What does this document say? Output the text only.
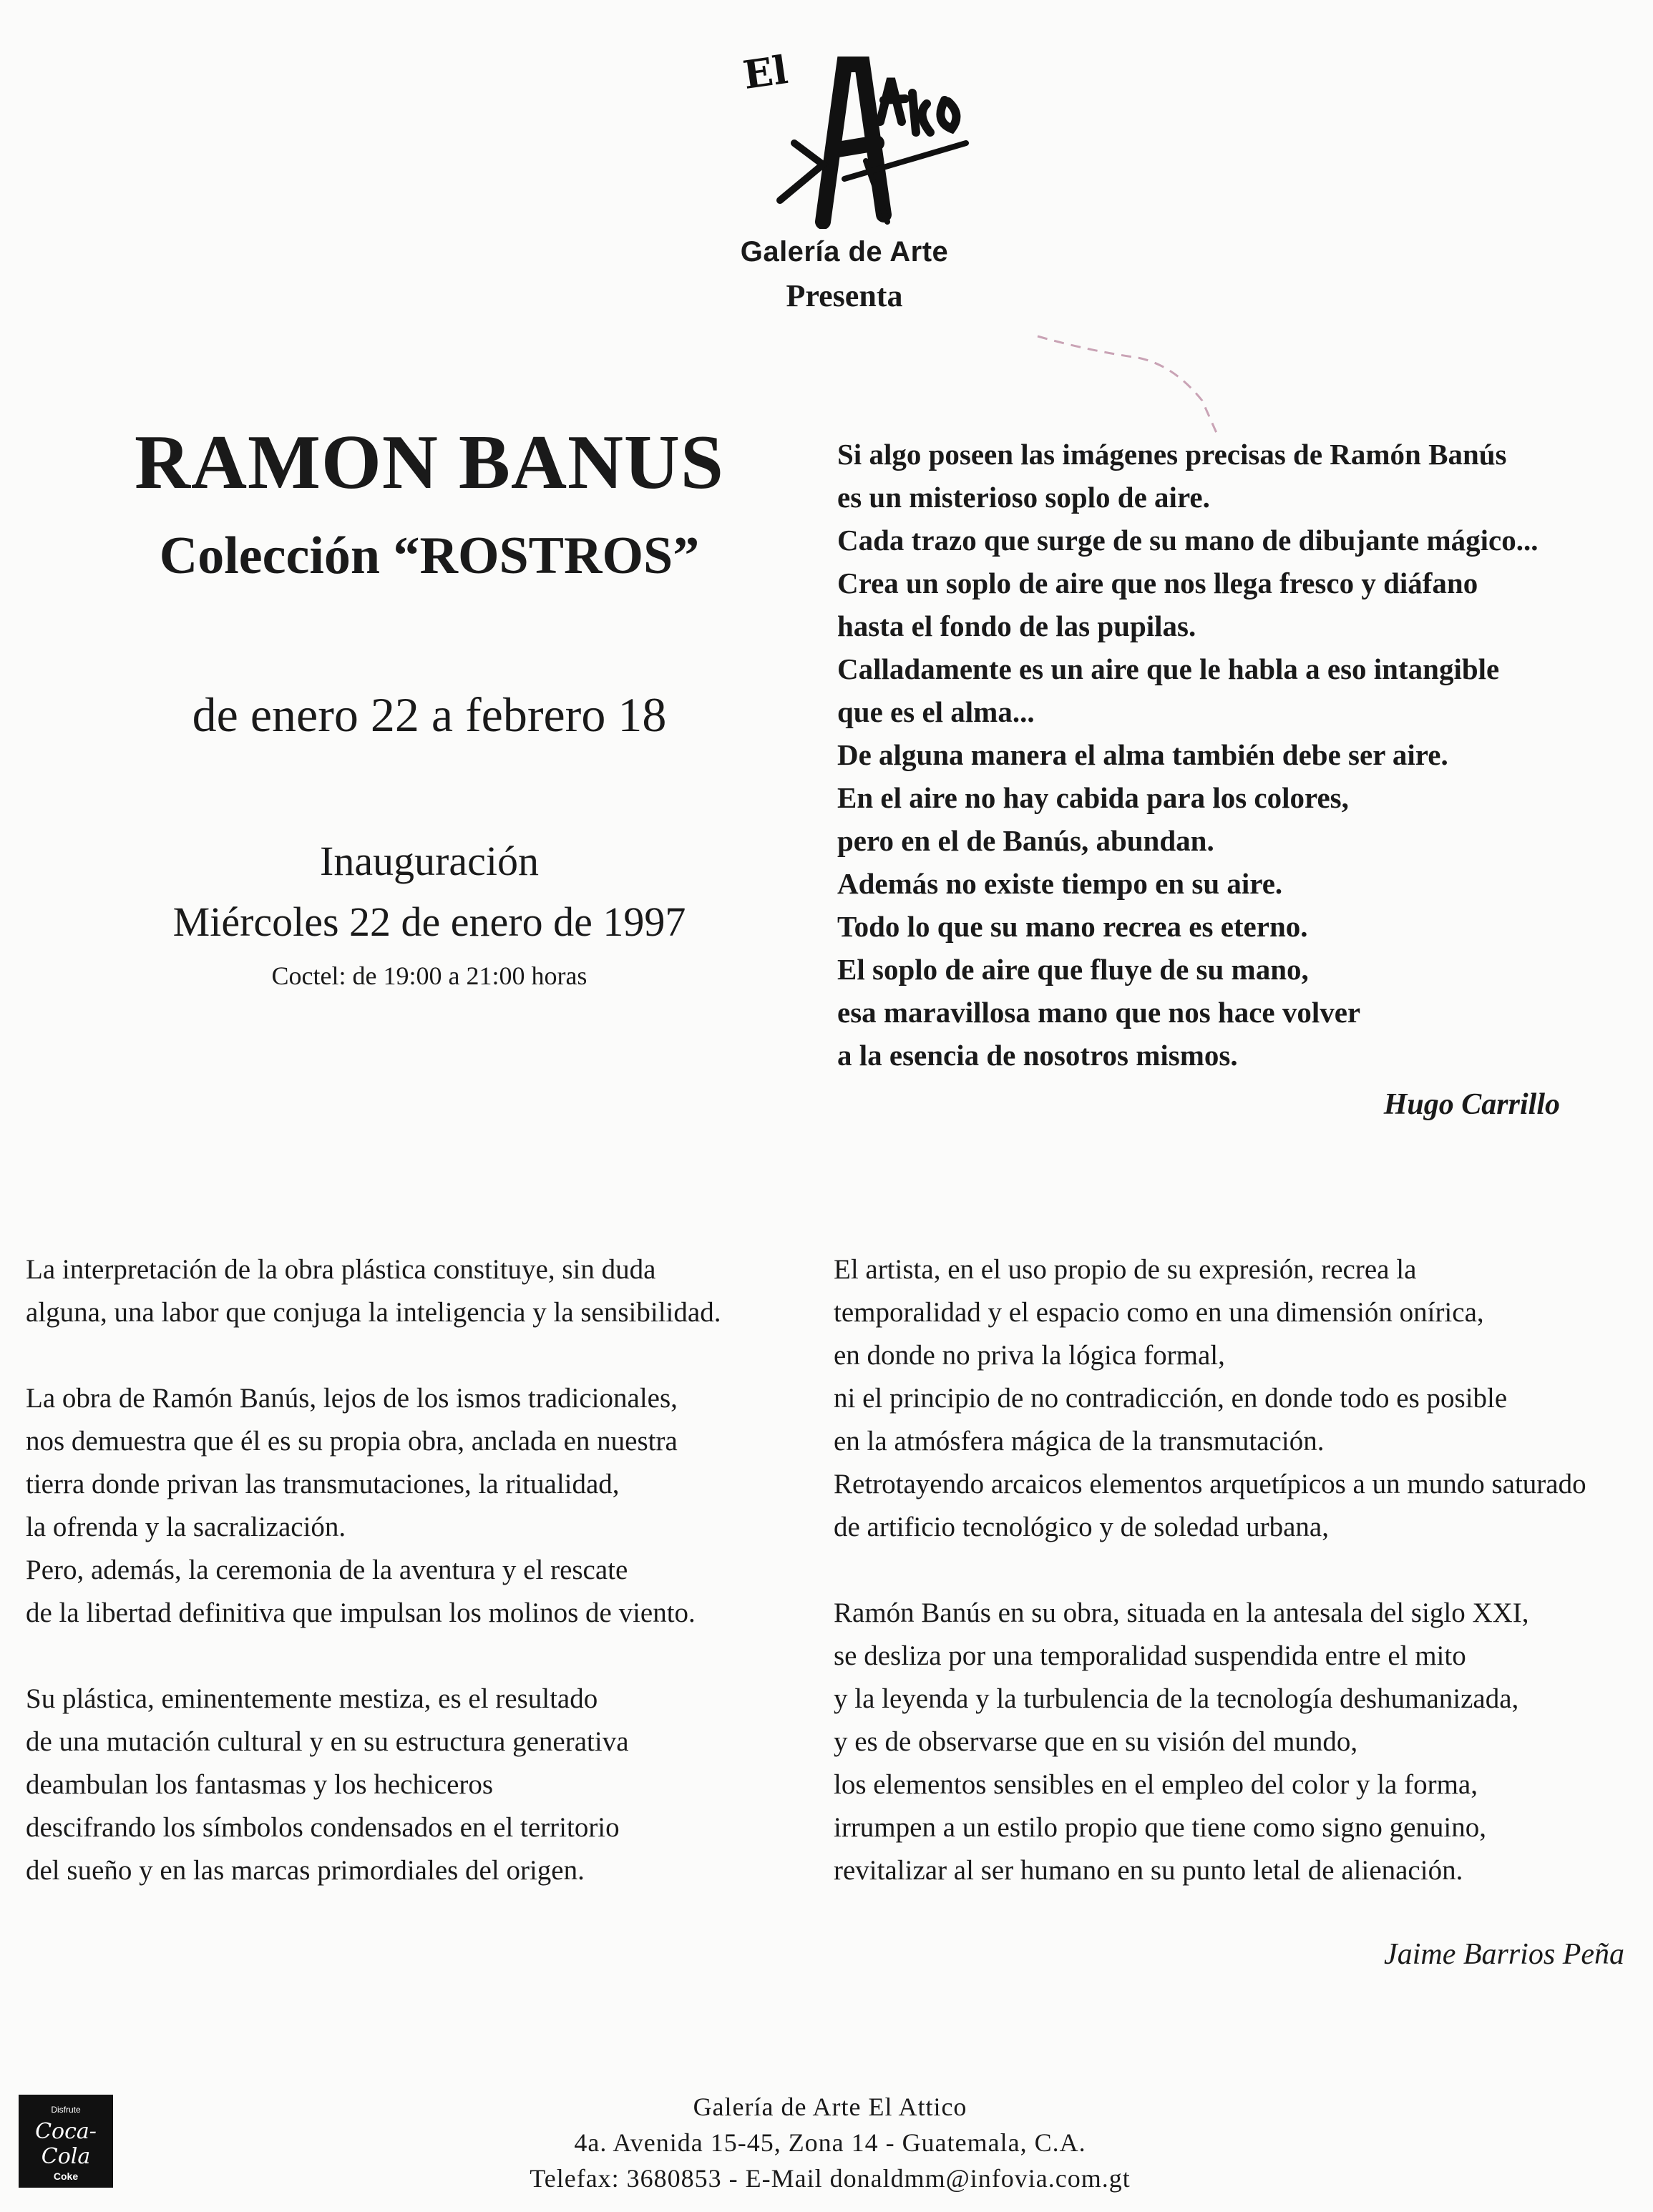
El
Galería de Arte
Presenta
RAMON BANUS
Colección “ROSTROS”
de enero 22 a febrero 18
Inauguración
Miércoles 22 de enero de 1997
Coctel: de 19:00 a 21:00 horas
Si algo poseen las imágenes precisas de Ramón Banús
es un misterioso soplo de aire.
Cada trazo que surge de su mano de dibujante mágico...
Crea un soplo de aire que nos llega fresco y diáfano
hasta el fondo de las pupilas.
Calladamente es un aire que le habla a eso intangible
que es el alma...
De alguna manera el alma también debe ser aire.
En el aire no hay cabida para los colores,
pero en el de Banús, abundan.
Además no existe tiempo en su aire.
Todo lo que su mano recrea es eterno.
El soplo de aire que fluye de su mano,
esa maravillosa mano que nos hace volver
a la esencia de nosotros mismos.
Hugo Carrillo
La interpretación de la obra plástica constituye, sin duda
alguna, una labor que conjuga la inteligencia y la sensibilidad.
La obra de Ramón Banús, lejos de los ismos tradicionales,
nos demuestra que él es su propia obra, anclada en nuestra
tierra donde privan las transmutaciones, la ritualidad,
la ofrenda y la sacralización.
Pero, además, la ceremonia de la aventura y el rescate
de la libertad definitiva que impulsan los molinos de viento.
Su plástica, eminentemente mestiza, es el resultado
de una mutación cultural y en su estructura generativa
deambulan los fantasmas y los hechiceros
descifrando los símbolos condensados en el territorio
del sueño y en las marcas primordiales del origen.
El artista, en el uso propio de su expresión, recrea la
temporalidad y el espacio como en una dimensión onírica,
en donde no priva la lógica formal,
ni el principio de no contradicción, en donde todo es posible
en la atmósfera mágica de la transmutación.
Retrotayendo arcaicos elementos arquetípicos a un mundo saturado
de artificio tecnológico y de soledad urbana,
Ramón Banús en su obra, situada en la antesala del siglo XXI,
se desliza por una temporalidad suspendida entre el mito
y la leyenda y la turbulencia de la tecnología deshumanizada,
y es de observarse que en su visión del mundo,
los elementos sensibles en el empleo del color y la forma,
irrumpen a un estilo propio que tiene como signo genuino,
revitalizar al ser humano en su punto letal de alienación.
Jaime Barrios Peña
Disfrute
Coca-Cola
Coke
Galería de Arte El Attico
4a. Avenida 15-45, Zona 14 - Guatemala, C.A.
Telefax: 3680853 - E-Mail donaldmm@infovia.com.gt
